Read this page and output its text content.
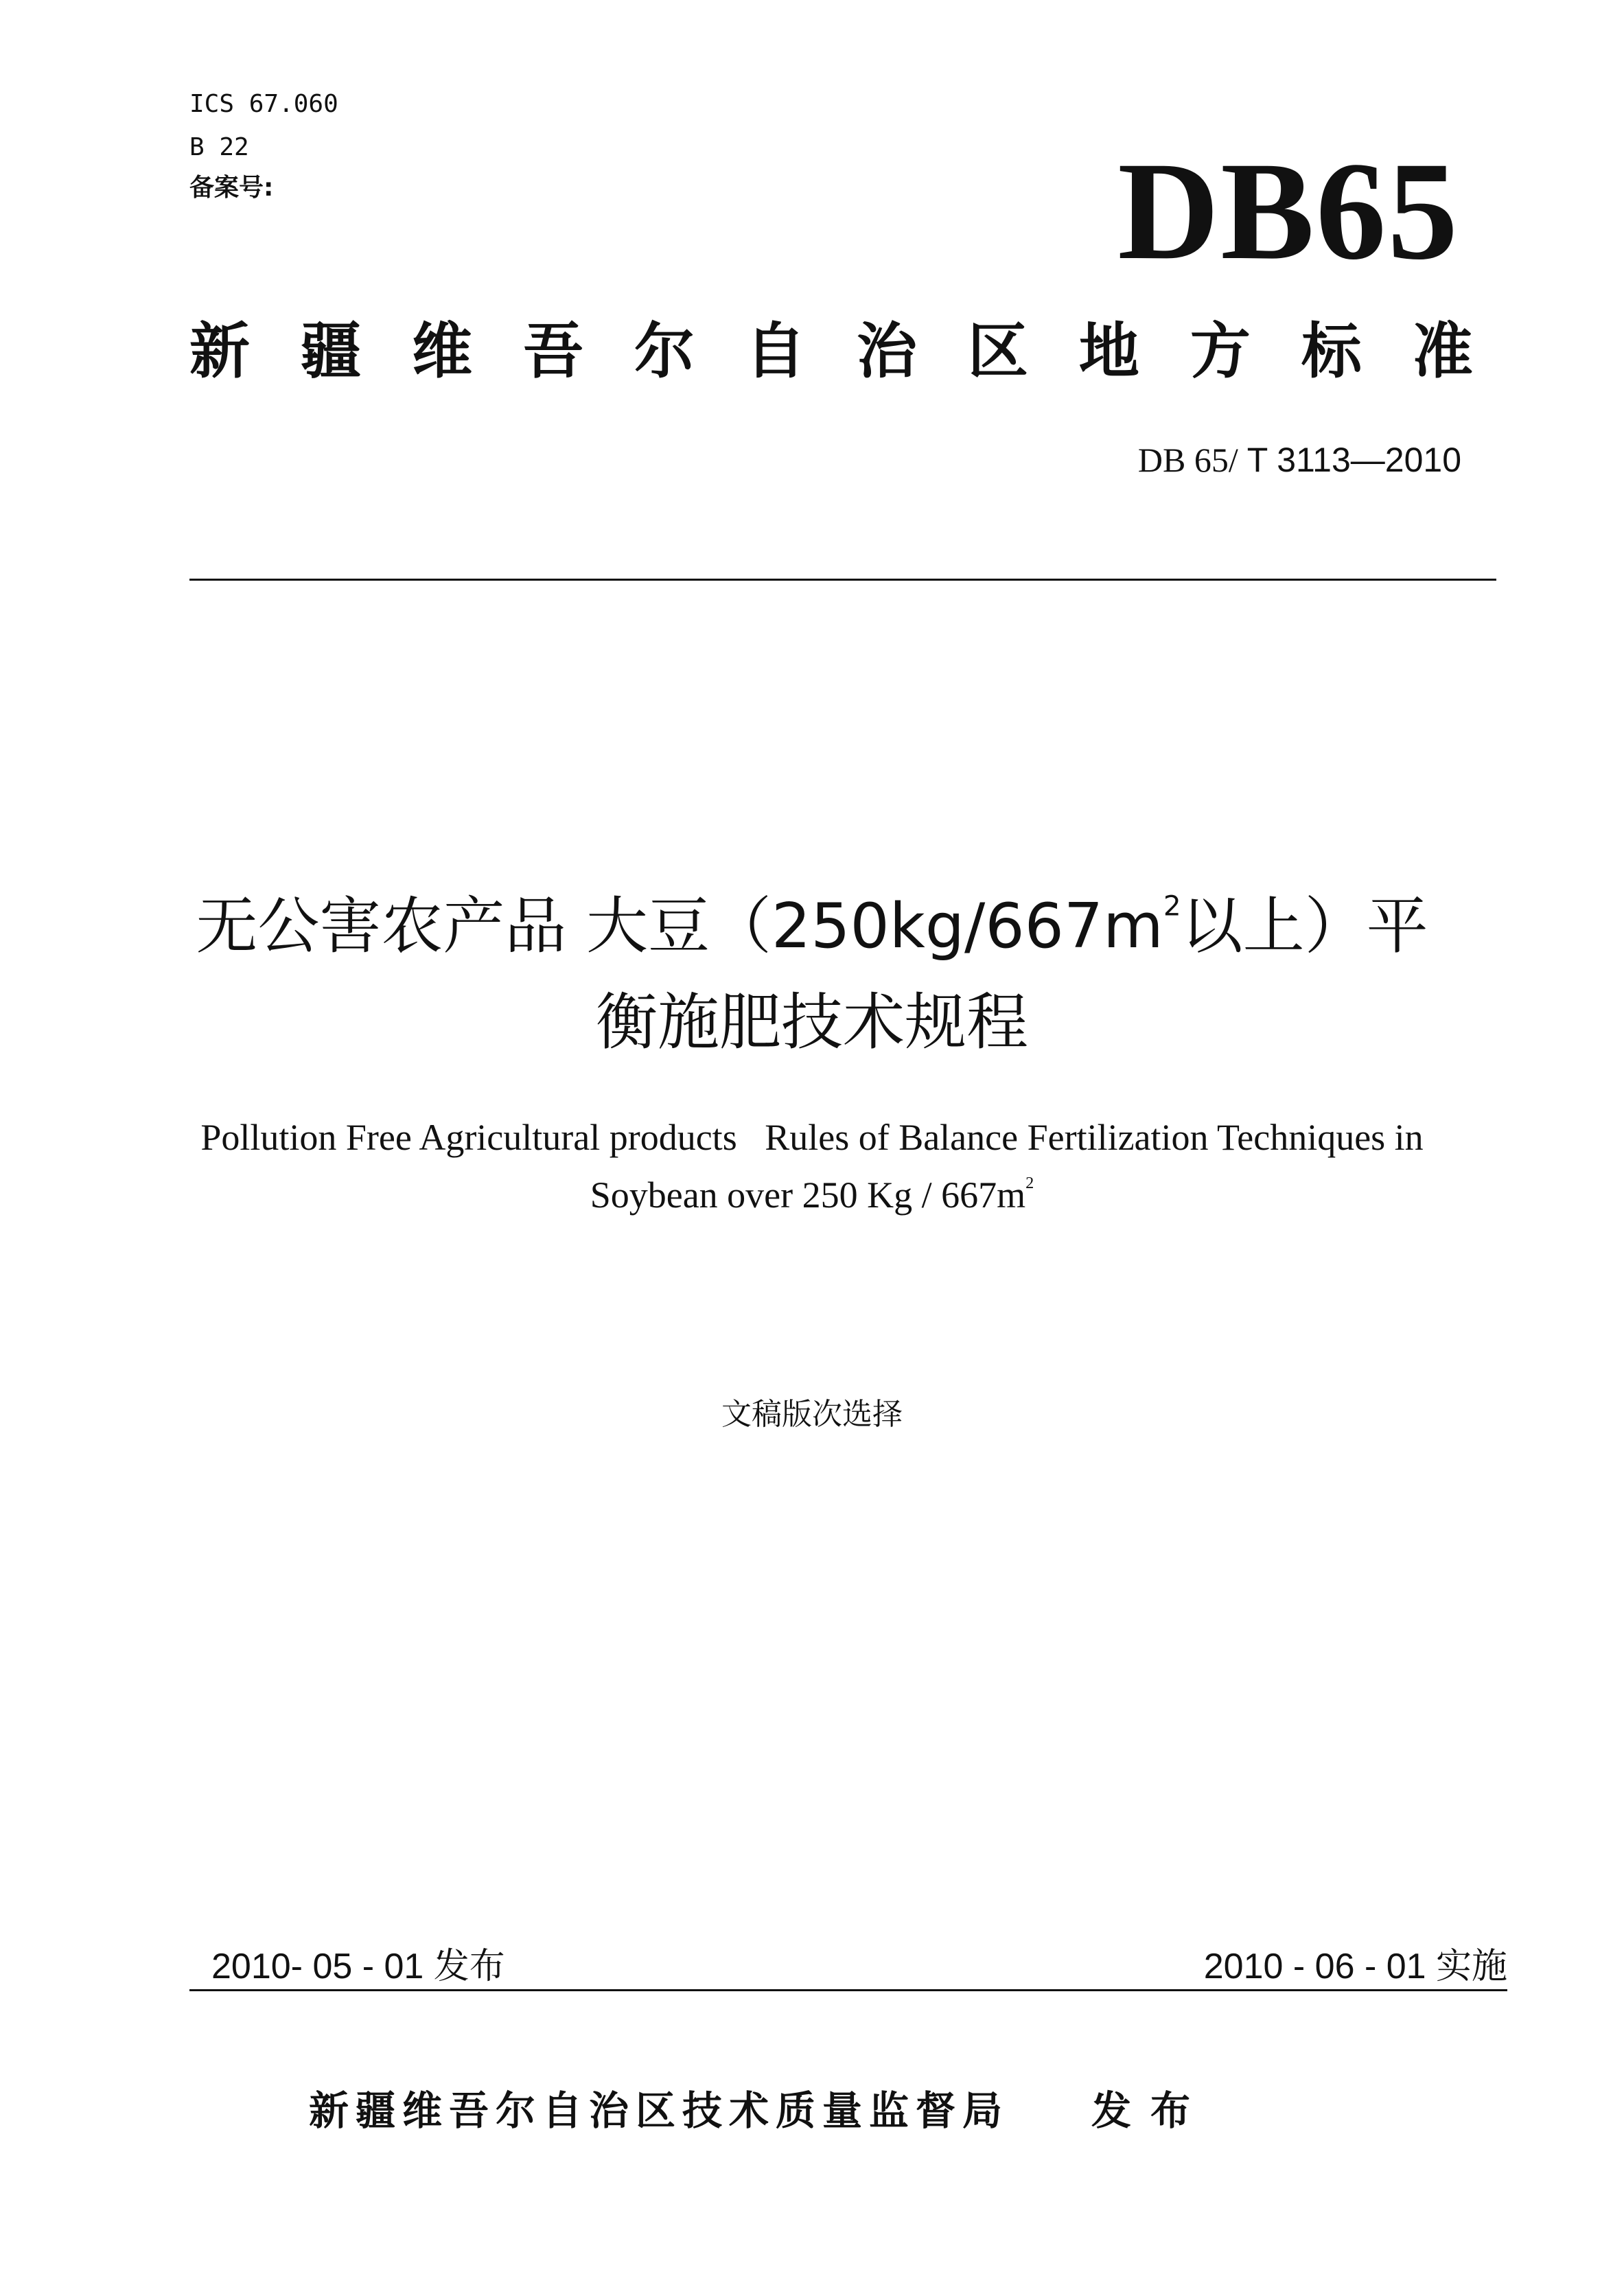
ICS 67.060
B 22
备案号:	DB65
新 疆 维 吾 尔 自 治 区 地 方 标 准
DB 65/ T 3113—2010
无公害农产品 大豆（$250kg/667m^2$以上）平
衡施肥技术规程
Pollution Free Agricultural products   Rules of Balance Fertilization Techniques in
Soybean over 250 Kg / $667m^2$
文稿版次选择
2010- 05 - 01 发布	2010 - 06 - 01 实施
新疆维吾尔自治区技术质量监督局 发布
